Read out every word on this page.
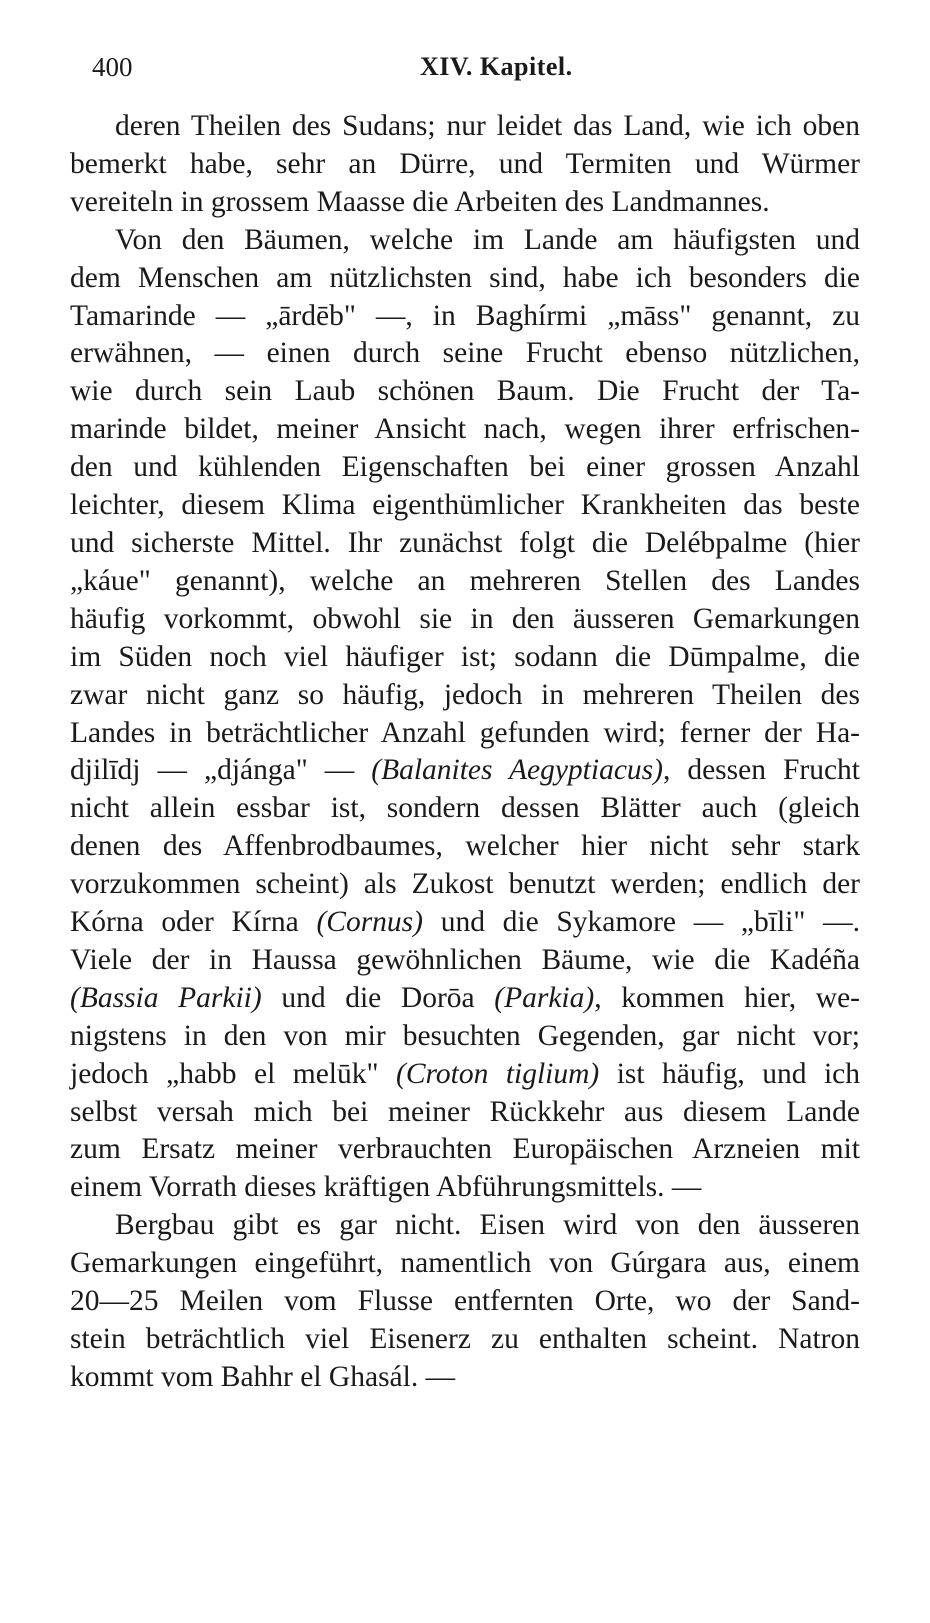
400	XIV. Kapitel.

deren Theilen des Sudans; nur leidet das Land, wie ich oben
bemerkt habe, sehr an Dürre, und Termiten und Würmer
vereiteln in grossem Maasse die Arbeiten des Landmannes.

Von den Bäumen, welche im Lande am häufigsten und
dem Menschen am nützlichsten sind, habe ich besonders die
Tamarinde — „ārdēb" —, in Baghírmi „māss" genannt, zu
erwähnen, — einen durch seine Frucht ebenso nützlichen,
wie durch sein Laub schönen Baum. Die Frucht der Ta-
marinde bildet, meiner Ansicht nach, wegen ihrer erfrischen-
den und kühlenden Eigenschaften bei einer grossen Anzahl
leichter, diesem Klima eigenthümlicher Krankheiten das beste
und sicherste Mittel. Ihr zunächst folgt die Delébpalme (hier
„káue" genannt), welche an mehreren Stellen des Landes
häufig vorkommt, obwohl sie in den äusseren Gemarkungen
im Süden noch viel häufiger ist; sodann die Dūmpalme, die
zwar nicht ganz so häufig, jedoch in mehreren Theilen des
Landes in beträchtlicher Anzahl gefunden wird; ferner der Ha-
djilīdj — „djánga" — (Balanites Aegyptiacus), dessen Frucht
nicht allein essbar ist, sondern dessen Blätter auch (gleich
denen des Affenbrodbaumes, welcher hier nicht sehr stark
vorzukommen scheint) als Zukost benutzt werden; endlich der
Kórna oder Kírna (Cornus) und die Sykamore — „bīli" —.
Viele der in Haussa gewöhnlichen Bäume, wie die Kadéña
(Bassia Parkii) und die Dorōa (Parkia), kommen hier, we-
nigstens in den von mir besuchten Gegenden, gar nicht vor;
jedoch „habb el melūk" (Croton tiglium) ist häufig, und ich
selbst versah mich bei meiner Rückkehr aus diesem Lande
zum Ersatz meiner verbrauchten Europäischen Arzneien mit
einem Vorrath dieses kräftigen Abführungsmittels. —

Bergbau gibt es gar nicht. Eisen wird von den äusseren
Gemarkungen eingeführt, namentlich von Gúrgara aus, einem
20—25 Meilen vom Flusse entfernten Orte, wo der Sand-
stein beträchtlich viel Eisenerz zu enthalten scheint. Natron
kommt vom Bahhr el Ghasál. —
